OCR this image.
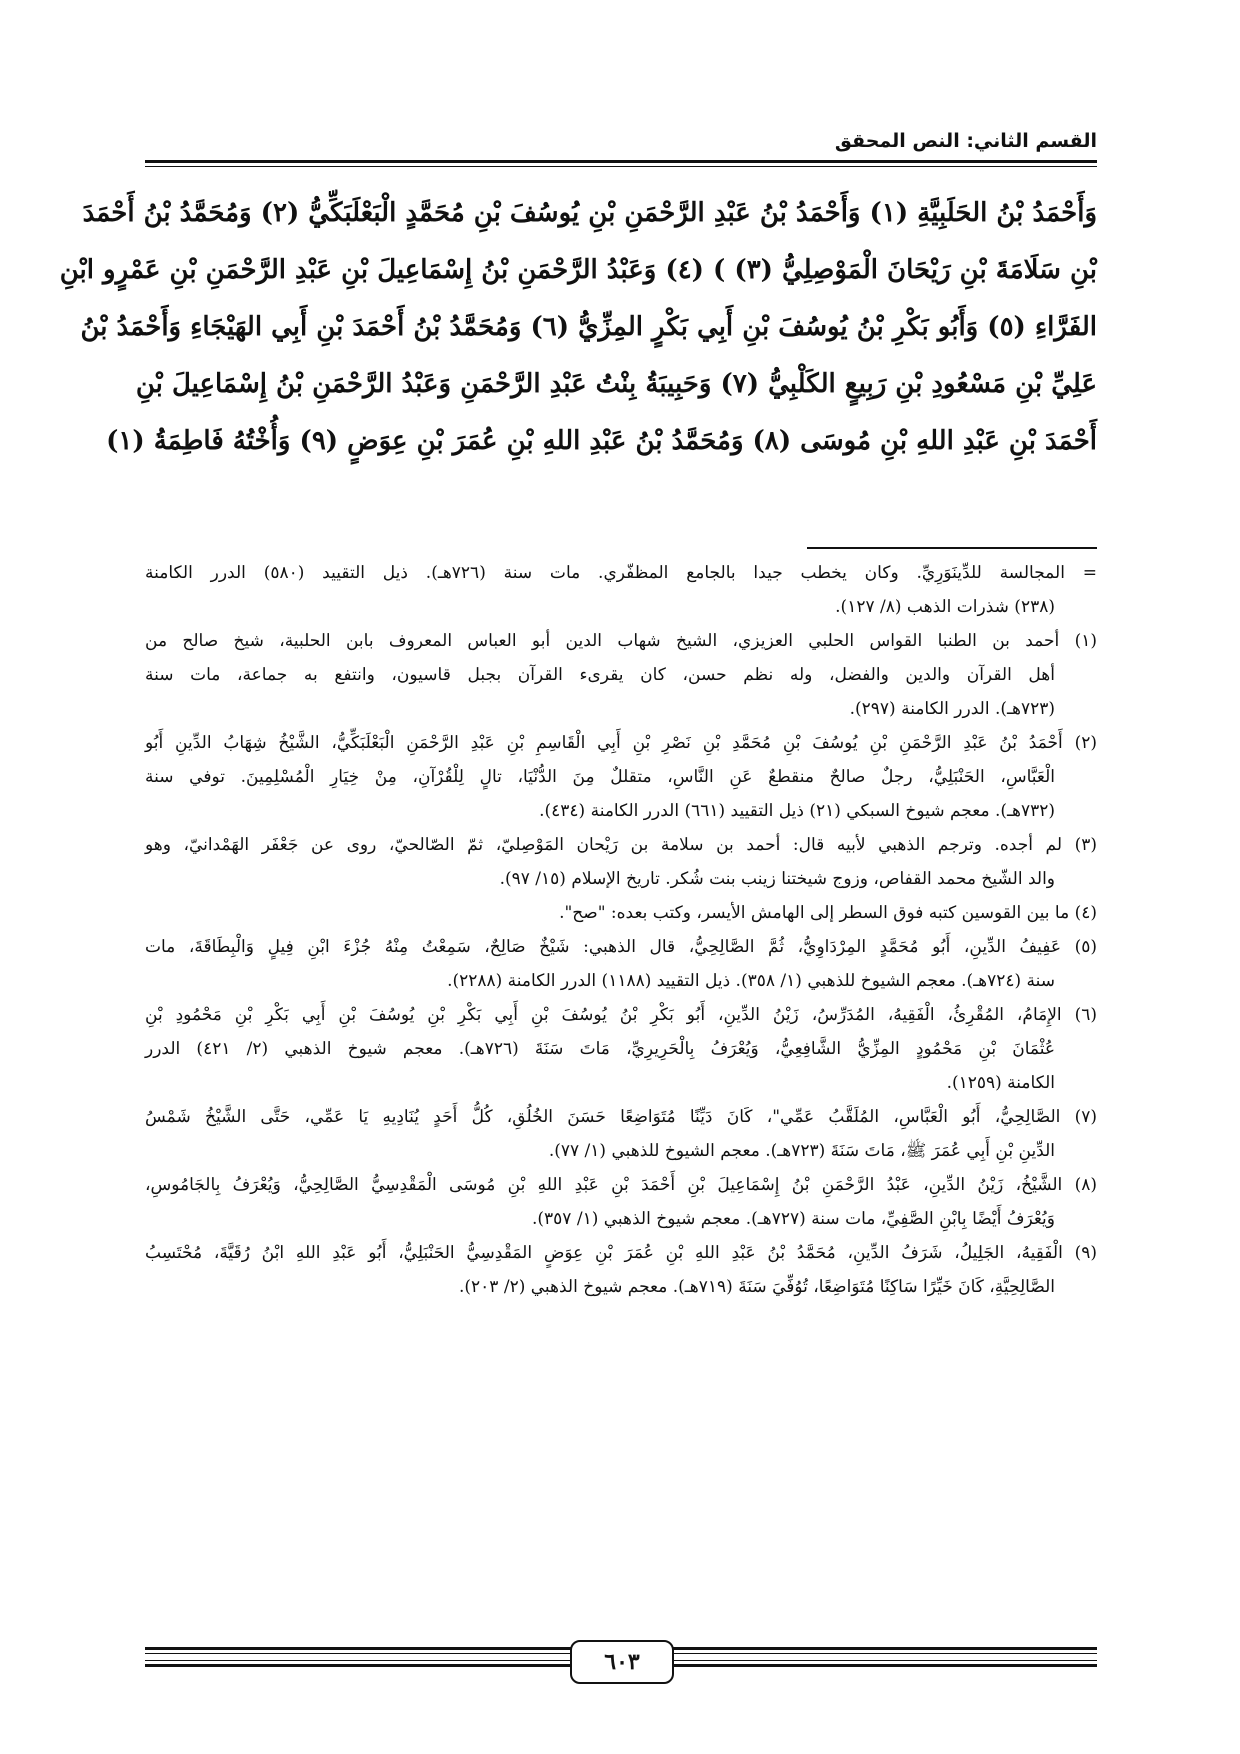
القسم الثاني: النص المحقق
وَأَحْمَدُ بْنُ الحَلَبِيَّةِ (١) وَأَحْمَدُ بْنُ عَبْدِ الرَّحْمَنِ بْنِ يُوسُفَ بْنِ مُحَمَّدٍ الْبَعْلَبَكِّيُّ (٢) وَمُحَمَّدُ بْنُ أَحْمَدَ
بْنِ سَلَامَةَ بْنِ رَيْحَانَ الْمَوْصِلِيُّ (٣) ) (٤) وَعَبْدُ الرَّحْمَنِ بْنُ إِسْمَاعِيلَ بْنِ عَبْدِ الرَّحْمَنِ بْنِ عَمْرٍو ابْنِ
الفَرَّاءِ (٥) وَأَبُو بَكْرِ بْنُ يُوسُفَ بْنِ أَبِي بَكْرٍ المِزِّيُّ (٦) وَمُحَمَّدُ بْنُ أَحْمَدَ بْنِ أَبِي الهَيْجَاءِ وَأَحْمَدُ بْنُ
عَلِيِّ بْنِ مَسْعُودِ بْنِ رَبِيعٍ الكَلْبِيُّ (٧) وَحَبِيبَةُ بِنْتُ عَبْدِ الرَّحْمَنِ وَعَبْدُ الرَّحْمَنِ بْنُ إِسْمَاعِيلَ بْنِ
أَحْمَدَ بْنِ عَبْدِ اللهِ بْنِ مُوسَى (٨) وَمُحَمَّدُ بْنُ عَبْدِ اللهِ بْنِ عُمَرَ بْنِ عِوَضٍ (٩) وَأُخْتُهُ فَاطِمَةُ (١)
= المجالسة للدِّينَوَرِيِّ. وكان يخطب جيدا بالجامع المظفّري. مات سنة (٧٢٦هـ). ذيل التقييد (٥٨٠) الدرر الكامنة
(٢٣٨) شذرات الذهب (٨/ ١٢٧).
(١) أحمد بن الطنبا القواس الحلبي العزيزي، الشيخ شهاب الدين أبو العباس المعروف بابن الحلبية، شيخ صالح من
أهل القرآن والدين والفضل، وله نظم حسن، كان يقرىء القرآن بجبل قاسيون، وانتفع به جماعة، مات سنة
(٧٢٣هـ). الدرر الكامنة (٢٩٧).
(٢) أَحْمَدُ بْنُ عَبْدِ الرَّحْمَنِ بْنِ يُوسُفَ بْنِ مُحَمَّدِ بْنِ نَصْرِ بْنِ أَبِي الْقَاسِمِ بْنِ عَبْدِ الرَّحْمَنِ الْبَعْلَبَكِّيُّ، الشَّيْخُ شِهَابُ الدِّينِ أَبُو
الْعَبَّاسِ، الحَنْبَلِيُّ، رجلٌ صالحٌ منقطعٌ عَنِ النَّاسِ، متقللٌ مِنَ الدُّنْيَا، تالٍ لِلْقُرْآنِ، مِنْ خِيَارِ الْمُسْلِمِينَ. توفي سنة
(٧٣٢هـ). معجم شيوخ السبكي (٢١) ذيل التقييد (٦٦١) الدرر الكامنة (٤٣٤).
(٣) لم أجده. وترجم الذهبي لأبيه قال: أحمد بن سلامة بن رَيْحان المَوْصِليّ، ثمّ الصّالحيّ، روى عن جَعْفَر الهَمْدانيّ، وهو
والد الشّيخ محمد القفاص، وزوج شيختنا زينب بنت شُكر. تاريخ الإسلام (١٥/ ٩٧).
(٤) ما بين القوسين كتبه فوق السطر إلى الهامش الأيسر، وكتب بعده: "صح".
(٥) عَفِيفُ الدِّينِ، أَبُو مُحَمَّدٍ المِرْدَاوِيُّ، ثُمَّ الصَّالِحِيُّ، قال الذهبي: شَيْخٌ صَالِحٌ، سَمِعْتُ مِنْهُ جُزْءَ ابْنِ فِيلٍ وَالْبِطَاقَةَ، مات
سنة (٧٢٤هـ). معجم الشيوخ للذهبي (١/ ٣٥٨). ذيل التقييد (١١٨٨) الدرر الكامنة (٢٢٨٨).
(٦) الإِمَامُ، المُقْرِئُ، الْفَقِيهُ، المُدَرِّسُ، زَيْنُ الدِّينِ، أَبُو بَكْرِ بْنُ يُوسُفَ بْنِ أَبِي بَكْرِ بْنِ يُوسُفَ بْنِ أَبِي بَكْرِ بْنِ مَحْمُودِ بْنِ
عُثْمَانَ بْنِ مَحْمُودٍ المِزِّيُّ الشَّافِعِيُّ، وَيُعْرَفُ بِالْحَرِيرِيِّ، مَاتَ سَنَةَ (٧٢٦هـ). معجم شيوخ الذهبي (٢/ ٤٢١) الدرر
الكامنة (١٢٥٩).
(٧) الصَّالِحِيُّ، أَبُو الْعَبَّاسِ، المُلَقَّبُ عَمِّي"، كَانَ دَيِّنًا مُتَوَاضِعًا حَسَنَ الخُلُقِ، كُلُّ أَحَدٍ يُنَادِيهِ يَا عَمِّي، حَتَّى الشَّيْخُ شَمْسُ
الدِّينِ بْنِ أَبِي عُمَرَ ﷺ، مَاتَ سَنَةَ (٧٢٣هـ). معجم الشيوخ للذهبي (١/ ٧٧).
(٨) الشَّيْخُ، زَيْنُ الدِّينِ، عَبْدُ الرَّحْمَنِ بْنُ إِسْمَاعِيلَ بْنِ أَحْمَدَ بْنِ عَبْدِ اللهِ بْنِ مُوسَى الْمَقْدِسِيُّ الصَّالِحِيُّ، وَيُعْرَفُ بِالجَامُوسِ،
وَيُعْرَفُ أَيْضًا بِابْنِ الصَّفِيِّ، مات سنة (٧٢٧هـ). معجم شيوخ الذهبي (١/ ٣٥٧).
(٩) الْفَقِيهُ، الجَلِيلُ، شَرَفُ الدِّينِ، مُحَمَّدُ بْنُ عَبْدِ اللهِ بْنِ عُمَرَ بْنِ عِوَضٍ المَقْدِسِيُّ الحَنْبَلِيُّ، أَبُو عَبْدِ اللهِ ابْنُ رُقَيَّةَ، مُحْتَسِبُ
الصَّالِحِيَّةِ، كَانَ خَيِّرًا سَاكِنًا مُتَوَاضِعًا، تُوُفِّيَ سَنَةَ (٧١٩هـ). معجم شيوخ الذهبي (٢/ ٢٠٣).
٦٠٣
